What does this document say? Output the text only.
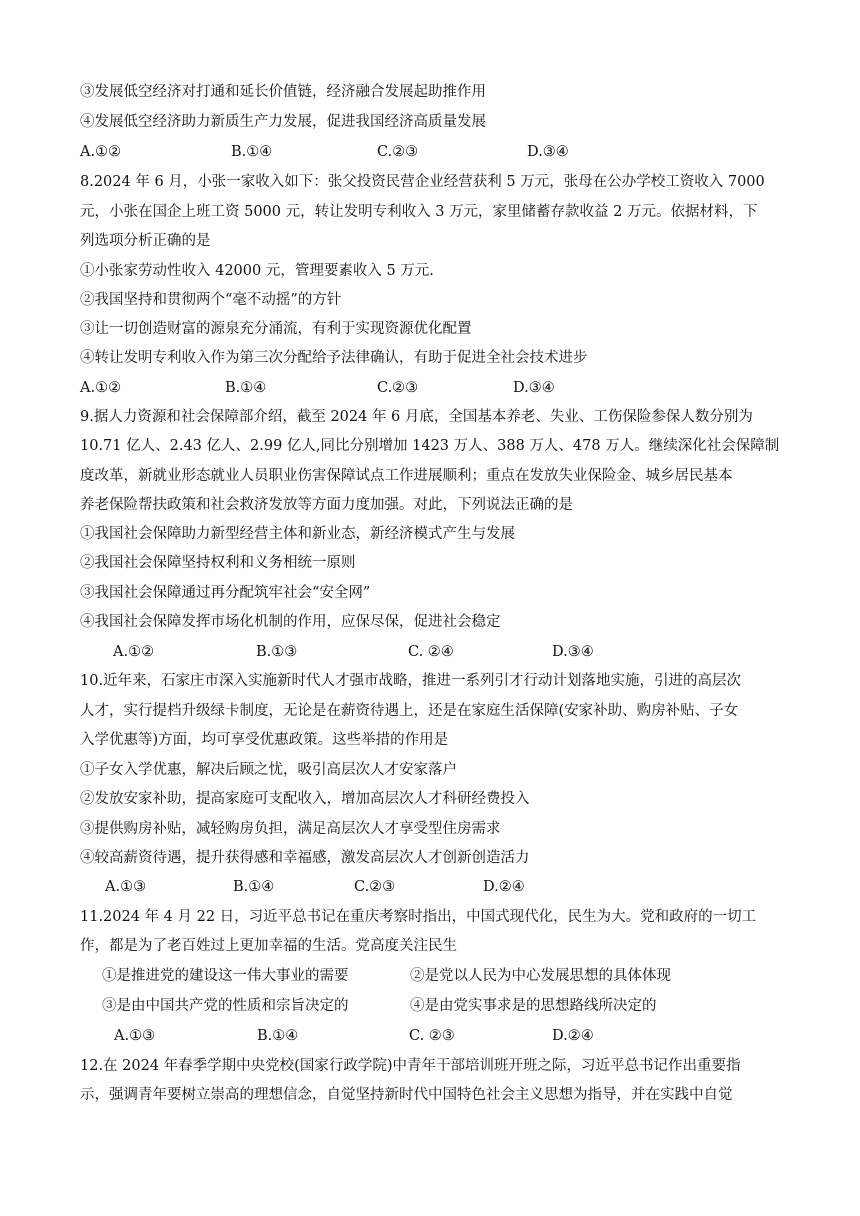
③发展低空经济对打通和延长价值链，经济融合发展起助推作用
④发展低空经济助力新质生产力发展，促进我国经济高质量发展
A.①②	B.①④	C.②③	D.③④
8.2024 年 6 月，小张一家收入如下：张父投资民营企业经营获利 5 万元，张母在公办学校工资收入 7000
元，小张在国企上班工资 5000 元，转让发明专利收入 3 万元，家里储蓄存款收益 2 万元。依据材料，下
列选项分析正确的是
①小张家劳动性收入 42000 元，管理要素收入 5 万元.
②我国坚持和贯彻两个“毫不动摇”的方针
③让一切创造财富的源泉充分涌流，有利于实现资源优化配置
④转让发明专利收入作为第三次分配给予法律确认，有助于促进全社会技术进步
A.①②	B.①④	C.②③	D.③④
9.据人力资源和社会保障部介绍，截至 2024 年 6 月底，全国基本养老、失业、工伤保险参保人数分别为
10.71 亿人、2.43 亿人、2.99 亿人,同比分别增加 1423 万人、388 万人、478 万人。继续深化社会保障制
度改革，新就业形态就业人员职业伤害保障试点工作进展顺利；重点在发放失业保险金、城乡居民基本
养老保险帮扶政策和社会救济发放等方面力度加强。对此，下列说法正确的是
①我国社会保障助力新型经营主体和新业态，新经济模式产生与发展
②我国社会保障坚持权利和义务相统一原则
③我国社会保障通过再分配筑牢社会“安全网”
④我国社会保障发挥市场化机制的作用，应保尽保，促进社会稳定
A.①②	B.①③	C. ②④	D.③④
10.近年来，石家庄市深入实施新时代人才强市战略，推进一系列引才行动计划落地实施，引进的高层次
人才，实行提档升级绿卡制度，无论是在薪资待遇上，还是在家庭生活保障(安家补助、购房补贴、子女
入学优惠等)方面，均可享受优惠政策。这些举措的作用是
①子女入学优惠，解决后顾之忧，吸引高层次人才安家落户
②发放安家补助，提高家庭可支配收入，增加高层次人才科研经费投入
③提供购房补贴，减轻购房负担，满足高层次人才享受型住房需求
④较高薪资待遇，提升获得感和幸福感，激发高层次人才创新创造活力
A.①③	B.①④	C.②③	D.②④
11.2024 年 4 月 22 日，习近平总书记在重庆考察时指出，中国式现代化，民生为大。党和政府的一切工
作，都是为了老百姓过上更加幸福的生活。党高度关注民生
①是推进党的建设这一伟大事业的需要	②是党以人民为中心发展思想的具体体现
③是由中国共产党的性质和宗旨决定的	④是由党实事求是的思想路线所决定的
A.①③	B.①④	C. ②③	D.②④
12.在 2024 年春季学期中央党校(国家行政学院)中青年干部培训班开班之际，习近平总书记作出重要指
示，强调青年要树立崇高的理想信念，自觉坚持新时代中国特色社会主义思想为指导，并在实践中自觉
